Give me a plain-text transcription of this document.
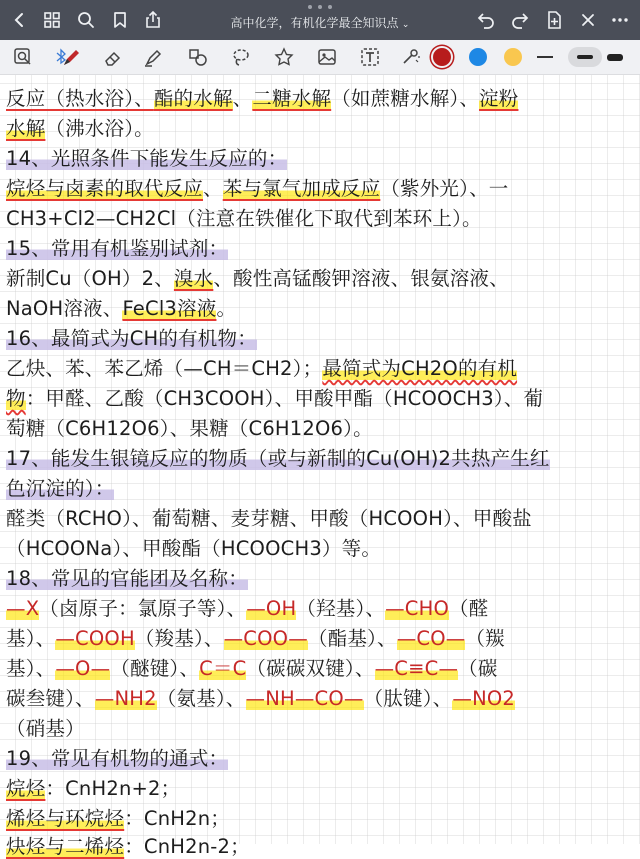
高中化学，有机化学最全知识点 ⌄
反应（热水浴）、酯的水解、二糖水解（如蔗糖水解）、淀粉
水解（沸水浴）。
14、光照条件下能发生反应的：
烷烃与卤素的取代反应、苯与氯气加成反应（紫外光）、一
CH3+Cl2—CH2Cl（注意在铁催化下取代到苯环上）。
15、常用有机鉴别试剂：
新制Cu（OH）2、溴水、酸性高锰酸钾溶液、银氨溶液、
NaOH溶液、FeCl3溶液。
16、最简式为CH的有机物：
乙炔、苯、苯乙烯（—CH＝CH2）；最简式为CH2O的有机
物：甲醛、乙酸（CH3COOH）、甲酸甲酯（HCOOCH3）、葡
萄糖（C6H12O6）、果糖（C6H12O6）。
17、能发生银镜反应的物质（或与新制的Cu(OH)2共热产生红
色沉淀的）：
醛类（RCHO）、葡萄糖、麦芽糖、甲酸（HCOOH）、甲酸盐
（HCOONa）、甲酸酯（HCOOCH3）等。
18、常见的官能团及名称：
—X（卤原子：氯原子等）、—OH（羟基）、—CHO（醛
基）、—COOH（羧基）、—COO—（酯基）、—CO—（羰
基）、—O—（醚键）、C＝C（碳碳双键）、—C≡C—（碳
碳叁键）、—NH2（氨基）、—NH—CO—（肽键）、—NO2
（硝基）
19、常见有机物的通式：
烷烃：CnH2n+2；
烯烃与环烷烃：CnH2n；
炔烃与二烯烃：CnH2n-2；
